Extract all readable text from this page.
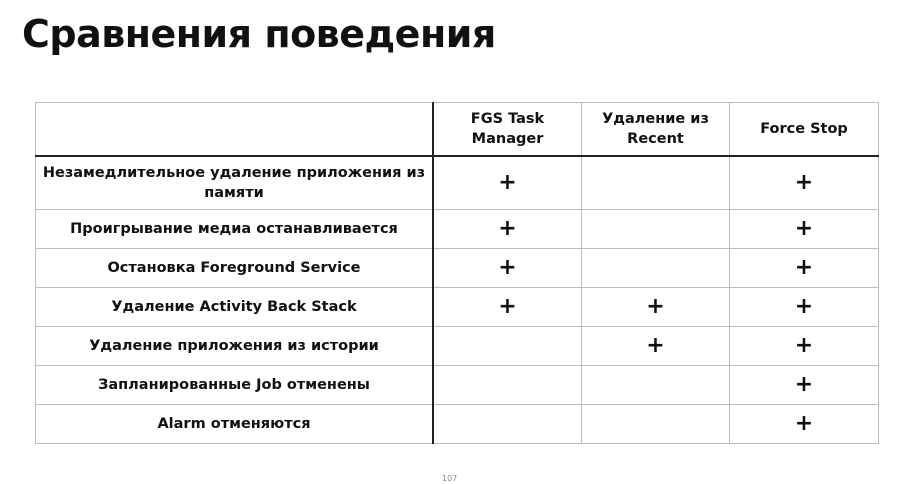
Сравнения поведения
	FGS Task Manager	Удаление из Recent	Force Stop
Незамедлительное удаление приложения из памяти	+		+
Проигрывание медиа останавливается	+		+
Остановка Foreground Service	+		+
Удаление Activity Back Stack	+	+	+
Удаление приложения из истории		+	+
Запланированные Job отменены			+
Alarm отменяются			+
107
